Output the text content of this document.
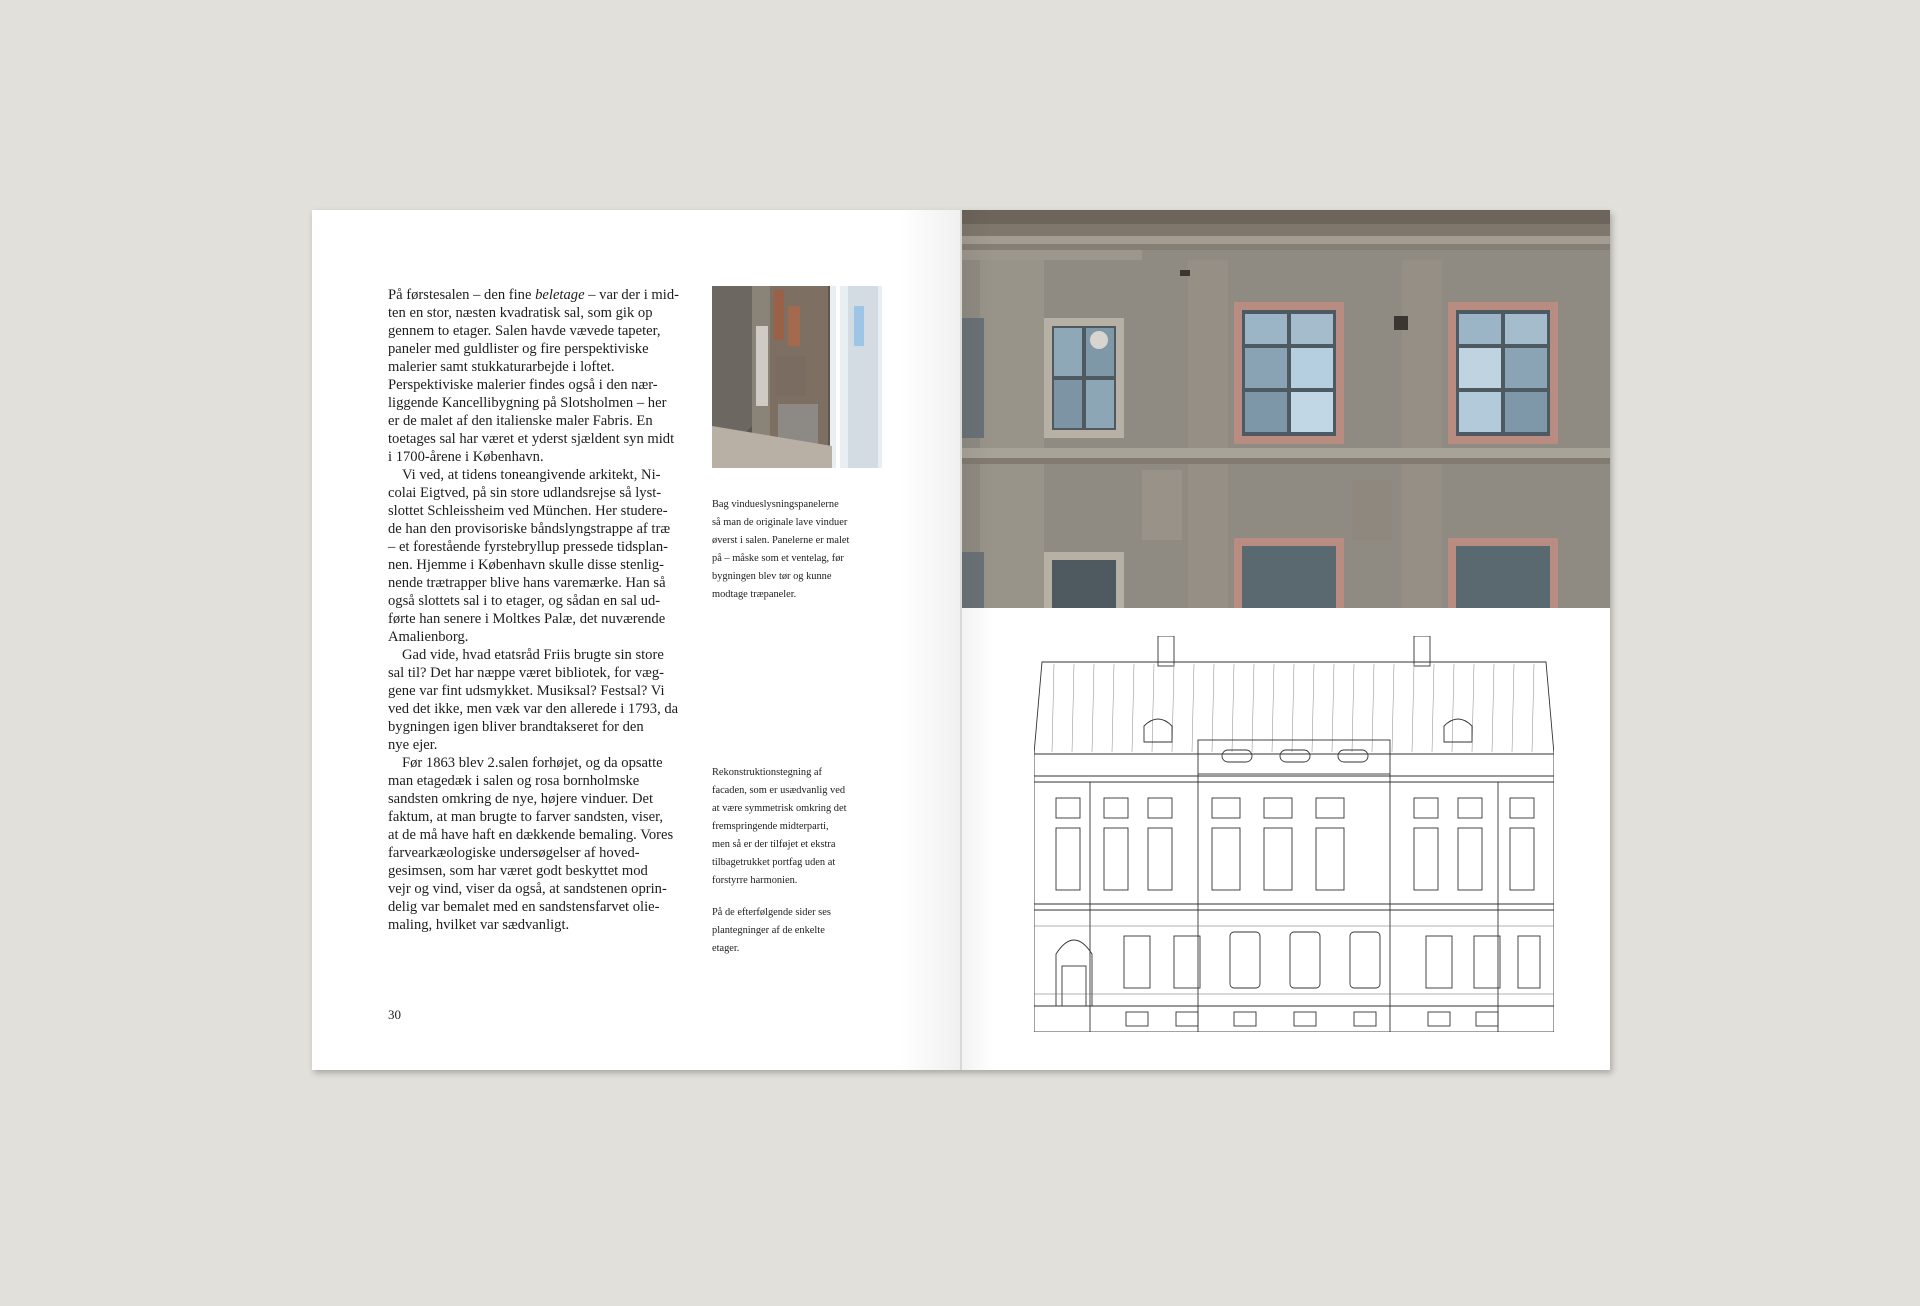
På førstesalen – den fine beletage – var der i mid-
ten en stor, næsten kvadratisk sal, som gik op
gennem to etager. Salen havde vævede tapeter,
paneler med guldlister og fire perspektiviske
malerier samt stukkaturarbejde i loftet.
Perspektiviske malerier findes også i den nær-
liggende Kancellibygning på Slotsholmen – her
er de malet af den italienske maler Fabris. En
toetages sal har været et yderst sjældent syn midt
i 1700-årene i København.

Vi ved, at tidens toneangivende arkitekt, Ni-
colai Eigtved, på sin store udlandsrejse så lyst-
slottet Schleissheim ved München. Her studere-
de han den provisoriske båndslyngstrappe af træ
– et forestående fyrstebryllup pressede tidsplan-
nen. Hjemme i København skulle disse stenlig-
nende trætrapper blive hans varemærke. Han så
også slottets sal i to etager, og sådan en sal ud-
førte han senere i Moltkes Palæ, det nuværende
Amalienborg.

Gad vide, hvad etatsråd Friis brugte sin store
sal til? Det har næppe været bibliotek, for væg-
gene var fint udsmykket. Musiksal? Festsal? Vi
ved det ikke, men væk var den allerede i 1793, da
bygningen igen bliver brandtakseret for den
nye ejer.

Før 1863 blev 2.salen forhøjet, og da opsatte
man etagedæk i salen og rosa bornholmske
sandsten omkring de nye, højere vinduer. Det
faktum, at man brugte to farver sandsten, viser,
at de må have haft en dækkende bemaling. Vores
farvearkæologiske undersøgelser af hoved-
gesimsen, som har været godt beskyttet mod
vejr og vind, viser da også, at sandstenen oprin-
delig var bemalet med en sandstensfarvet olie-
maling, hvilket var sædvanligt.

30

Bag vindueslysningspanelerne
så man de originale lave vinduer
øverst i salen. Panelerne er malet
på – måske som et ventelag, før
bygningen blev tør og kunne
modtage træpaneler.

Rekonstruktionstegning af
facaden, som er usædvanlig ved
at være symmetrisk omkring det
fremspringende midterparti,
men så er der tilføjet et ekstra
tilbagetrukket portfag uden at
forstyrre harmonien.

På de efterfølgende sider ses
plantegninger af de enkelte
etager.
